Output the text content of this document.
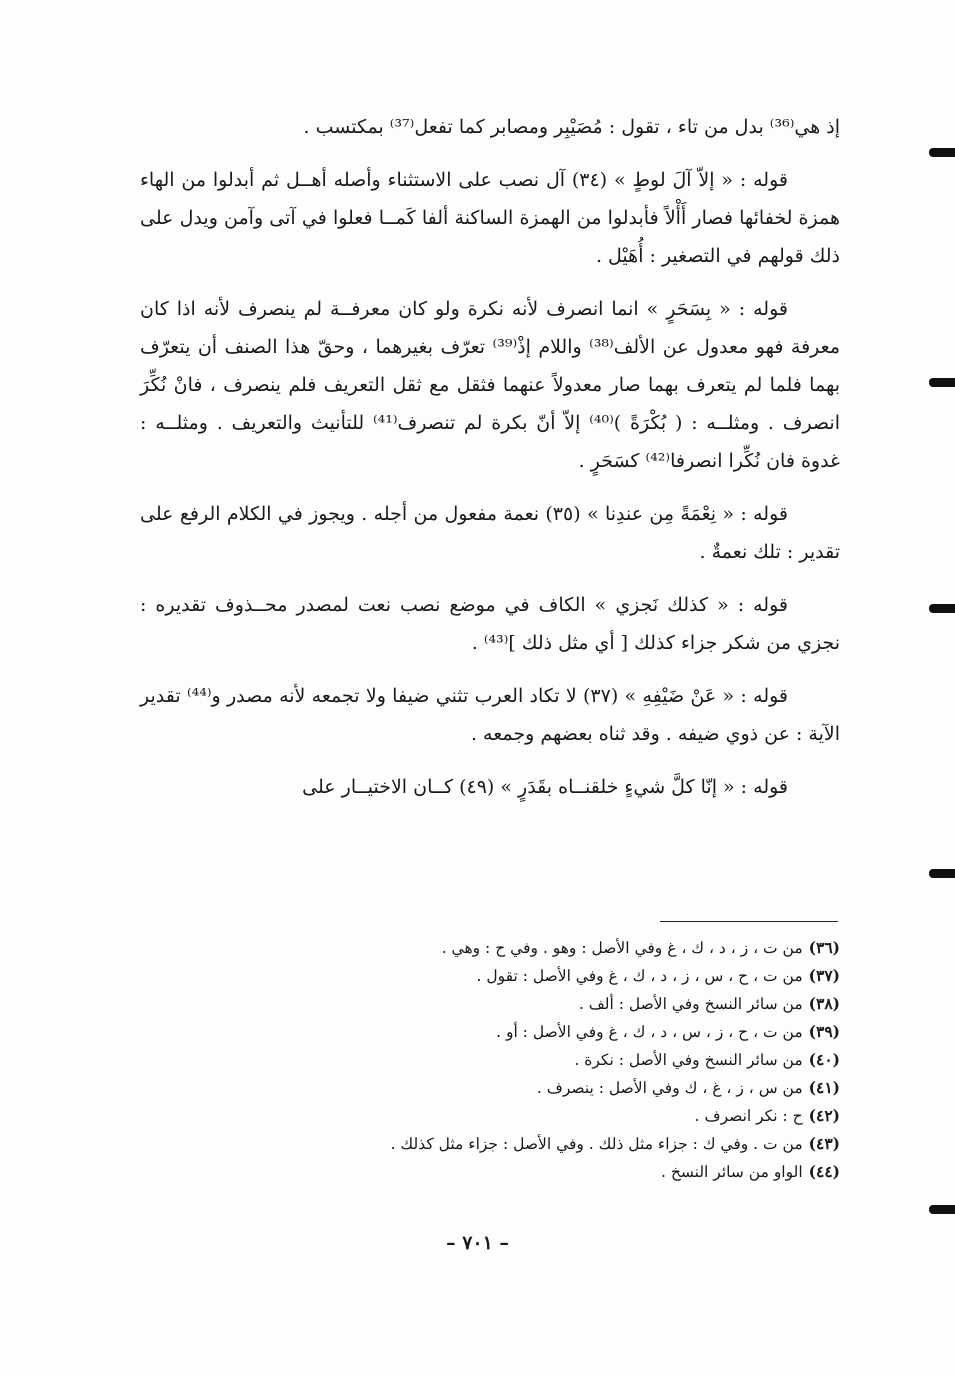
إذ هي⁽³⁶⁾ بدل من تاء ، تقول : مُصَيْبِر ومصابر كما تفعل⁽³⁷⁾ بمكتسب .

قوله : « إلاّ آلَ لوطٍ » (٣٤) آل نصب على الاستثناء وأصله أهــل ثم أبدلوا من الهاء همزة لخفائها فصار أَأْلاً فأبدلوا من الهمزة الساكنة ألفا كَمــا فعلوا في آتى وآمن ويدل على ذلك قولهم في التصغير : أُهَيْل .

قوله : « بِسَحَرٍ » انما انصرف لأنه نكرة ولو كان معرفــة لم ينصرف لأنه اذا كان معرفة فهو معدول عن الألف⁽³⁸⁾ واللام إذْ⁽³⁹⁾ تعرّف بغيرهما ، وحقّ هذا الصنف أن يتعرّف بهما فلما لم يتعرف بهما صار معدولاً عنهما فثقل مع ثقل التعريف فلم ينصرف ، فانْ نُكِّرَ انصرف . ومثلــه : ( بُكْرَةً )⁽⁴⁰⁾ إلاّ أنّ بكرة لم تنصرف⁽⁴¹⁾ للتأنيث والتعريف . ومثلــه : غدوة فان نُكِّرا انصرفا⁽⁴²⁾ كسَحَرٍ .

قوله : « نِعْمَةً مِن عندِنا » (٣٥) نعمة مفعول من أجله . ويجوز في الكلام الرفع على تقدير : تلك نعمةٌ .

قوله : « كذلك نَجزي » الكاف في موضع نصب نعت لمصدر محــذوف تقديره : نجزي من شكر جزاء كذلك [ أي مثل ذلك ]⁽⁴³⁾ .

قوله : « عَنْ ضَيْفِهِ » (٣٧) لا تكاد العرب تثني ضيفا ولا تجمعه لأنه مصدر و⁽⁴⁴⁾ تقدير الآية : عن ذوي ضيفه . وقد ثناه بعضهم وجمعه .

قوله : « إنّا كلَّ شيءٍ خلقنــاه بقَدَرٍ » (٤٩) كــان الاختيــار على

(٣٦)من ت ، ز ، د ، ك ، غ وفي الأصل : وهو . وفي ح : وهي .
(٣٧)من ت ، ح ، س ، ز ، د ، ك ، غ وفي الأصل : تقول .
(٣٨)من سائر النسخ وفي الأصل : ألف .
(٣٩)من ت ، ح ، ز ، س ، د ، ك ، غ وفي الأصل : أو .
(٤٠)من سائر النسخ وفي الأصل : نكرة .
(٤١)من س ، ز ، غ ، ك وفي الأصل : ينصرف .
(٤٢)ح : نكر انصرف .
(٤٣)من ت . وفي ك : جزاء مثل ذلك . وفي الأصل : جزاء مثل كذلك .
(٤٤)الواو من سائر النسخ .
– ٧٠١ –
